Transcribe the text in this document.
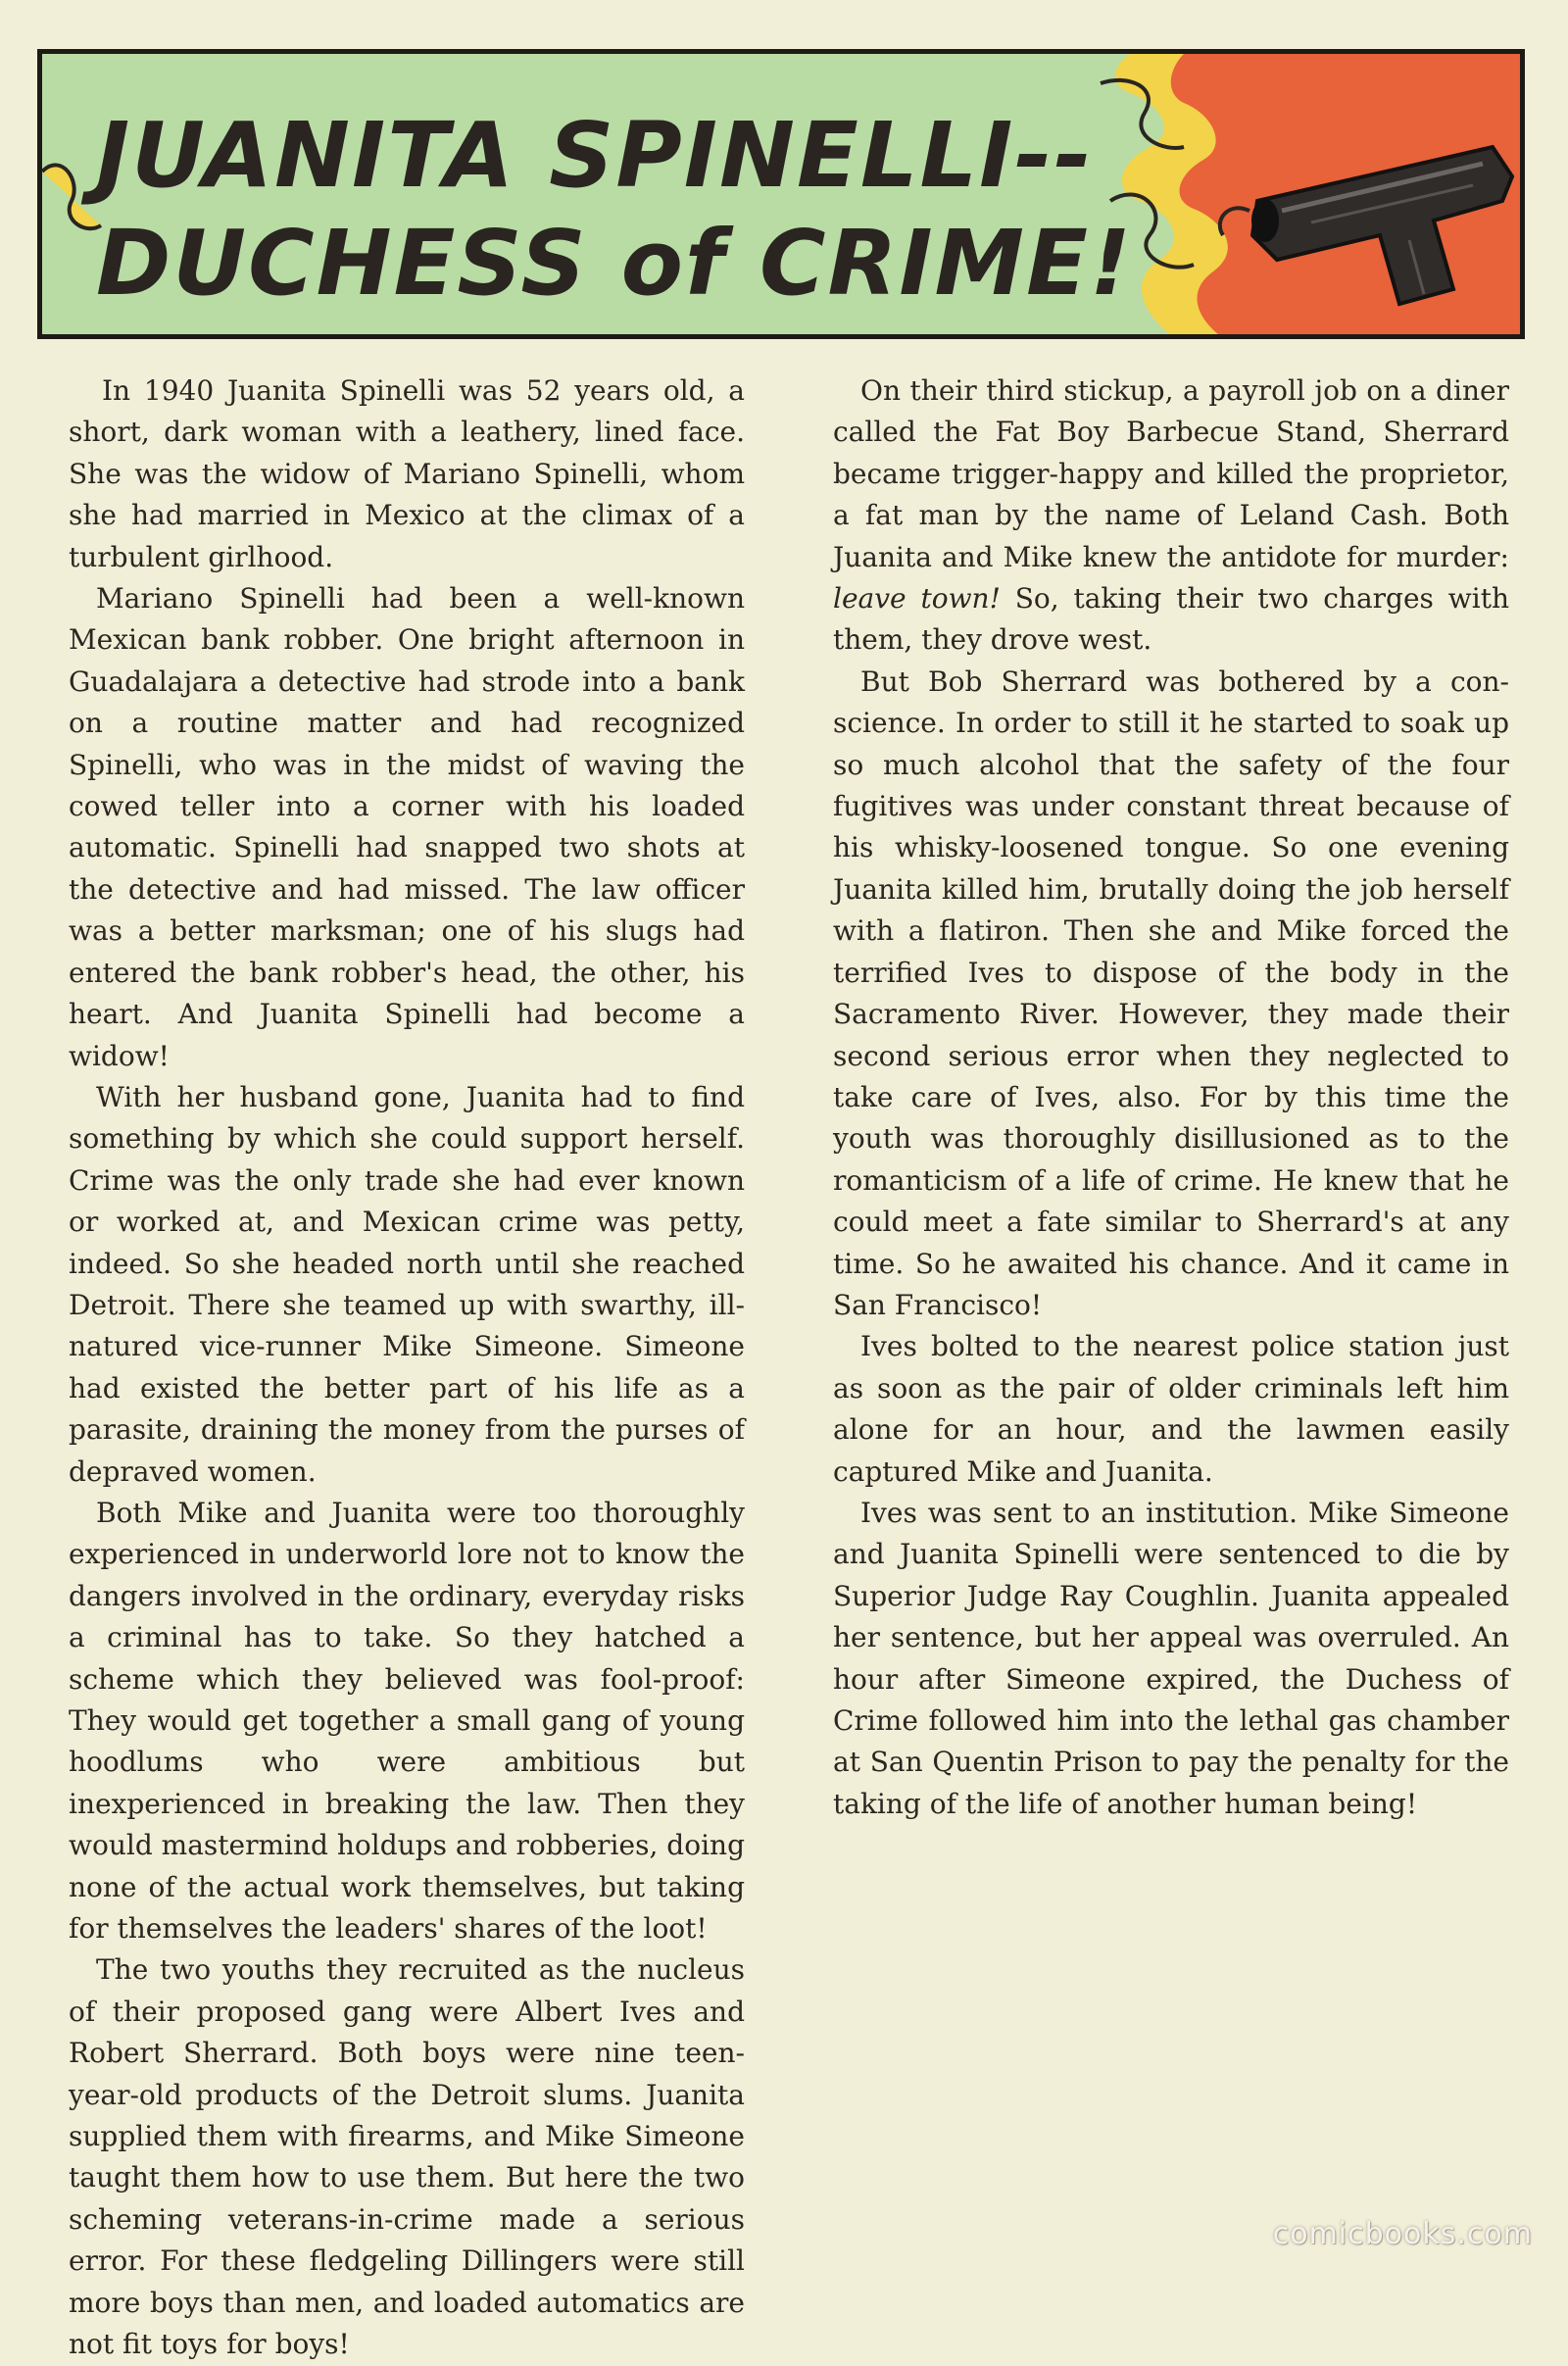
JUANITA SPINELLI--
DUCHESS of CRIME!

In 1940 Juanita Spinelli was 52 years old, a short, dark woman with a leathery, lined face. She was the widow of Mariano Spinelli, whom she had married in Mexico at the climax of a turbulent girlhood.

Mariano Spinelli had been a well-known Mexican bank robber. One bright afternoon in Guadalajara a detective had strode into a bank on a routine matter and had recognized Spinelli, who was in the midst of waving the cowed teller into a corner with his loaded automatic. Spinelli had snapped two shots at the detective and had missed. The law officer was a better marksman; one of his slugs had entered the bank robber's head, the other, his heart. And Juanita Spinelli had become a widow!

With her husband gone, Juanita had to find something by which she could support herself. Crime was the only trade she had ever known or worked at, and Mexican crime was petty, indeed. So she headed north until she reached Detroit. There she teamed up with swarthy, ill-natured vice-runner Mike Simeone. Simeone had existed the better part of his life as a parasite, draining the money from the purses of depraved women.

Both Mike and Juanita were too thoroughly experienced in underworld lore not to know the dangers involved in the ordinary, everyday risks a criminal has to take. So they hatched a scheme which they believed was fool-proof: They would get together a small gang of young hoodlums who were ambitious but inexperienced in breaking the law. Then they would mastermind holdups and robberies, doing none of the actual work themselves, but taking for themselves the leaders' shares of the loot!

The two youths they recruited as the nucleus of their proposed gang were Albert Ives and Robert Sherrard. Both boys were nine teen-year-old products of the Detroit slums. Juanita supplied them with firearms, and Mike Simeone taught them how to use them. But here the two scheming veterans-in-crime made a serious error. For these fledgeling Dillingers were still more boys than men, and loaded automatics are not fit toys for boys!

On their third stickup, a payroll job on a diner called the Fat Boy Barbecue Stand, Sherrard became trigger-happy and killed the proprietor, a fat man by the name of Leland Cash. Both Juanita and Mike knew the antidote for murder: leave town! So, taking their two charges with them, they drove west.

But Bob Sherrard was bothered by a conscience. In order to still it he started to soak up so much alcohol that the safety of the four fugitives was under constant threat because of his whisky-loosened tongue. So one evening Juanita killed him, brutally doing the job herself with a flatiron. Then she and Mike forced the terrified Ives to dispose of the body in the Sacramento River. However, they made their second serious error when they neglected to take care of Ives, also. For by this time the youth was thoroughly disillusioned as to the romanticism of a life of crime. He knew that he could meet a fate similar to Sherrard's at any time. So he awaited his chance. And it came in San Francisco!

Ives bolted to the nearest police station just as soon as the pair of older criminals left him alone for an hour, and the lawmen easily captured Mike and Juanita.

Ives was sent to an institution. Mike Simeone and Juanita Spinelli were sentenced to die by Superior Judge Ray Coughlin. Juanita appealed her sentence, but her appeal was overruled. An hour after Simeone expired, the Duchess of Crime followed him into the lethal gas chamber at San Quentin Prison to pay the penalty for the taking of the life of another human being!

comicbooks.com
